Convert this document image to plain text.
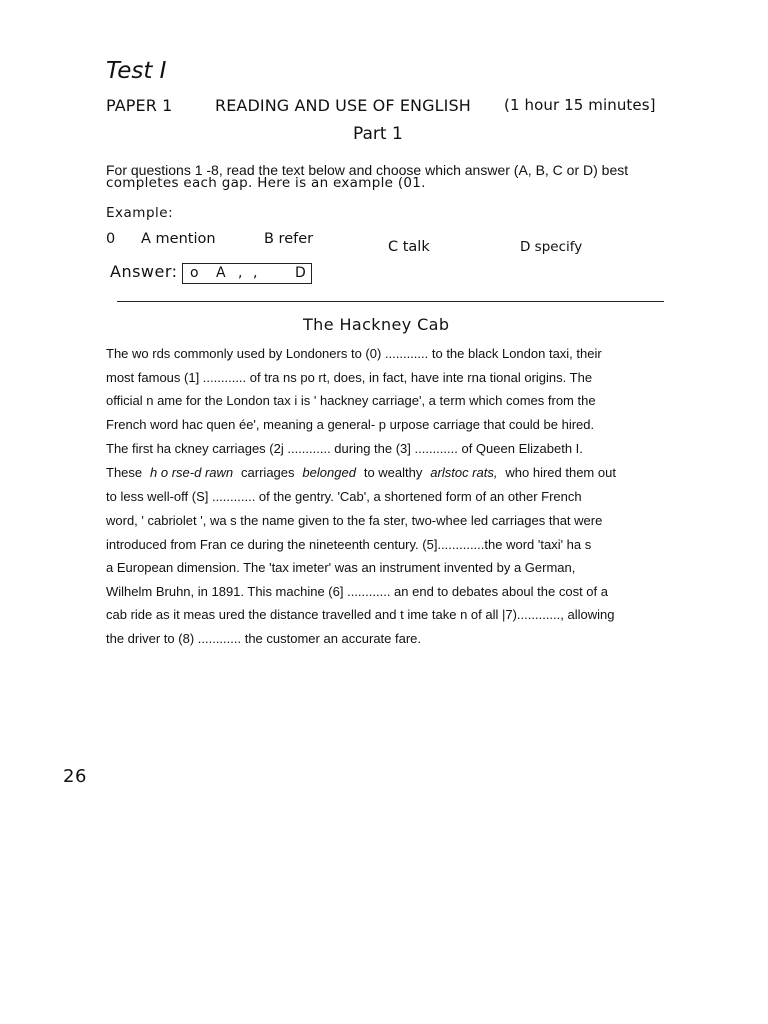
Test I
PAPER 1	READING AND USE OF ENGLISH (1 hour 15 minutes]
Part 1
For questions 1 -8, read the text below and choose which answer (A, B, C or D) best
completes each gap. Here is an example (01.
Example:
0 A mention	B refer	C talk	D specify
Answer: o A , ,	D
The Hackney Cab
The wo rds commonly used by Londoners to (0) ............ to the black London taxi, their
most famous (1] ............ of tra ns po rt, does, in fact, have inte rna tional origins. The
official n ame for the London tax i is ' hackney carriage', a term which comes from the
French word hac quen ée', meaning a general- p urpose carriage that could be hired.
The first ha ckney carriages (2j ............ during the (3] ............ of Queen Elizabeth I.
These h o rse-d rawn carriages belonged to wealthy arlstoc rats, who hired them out
to less well-off (S] ............ of the gentry. 'Cab', a shortened form of an other French
word, ' cabriolet ', wa s the name given to the fa ster, two-whee led carriages that were
introduced from Fran ce during the nineteenth century. (5].............the word 'taxi' ha s
a European dimension. The 'tax imeter' was an instrument invented by a German,
Wilhelm Bruhn, in 1891. This machine (6] ............ an end to debates aboul the cost of a
cab ride as it meas ured the distance travelled and t ime take n of all |7)............, allowing
the driver to (8) ............ the customer an accurate fare.
26
